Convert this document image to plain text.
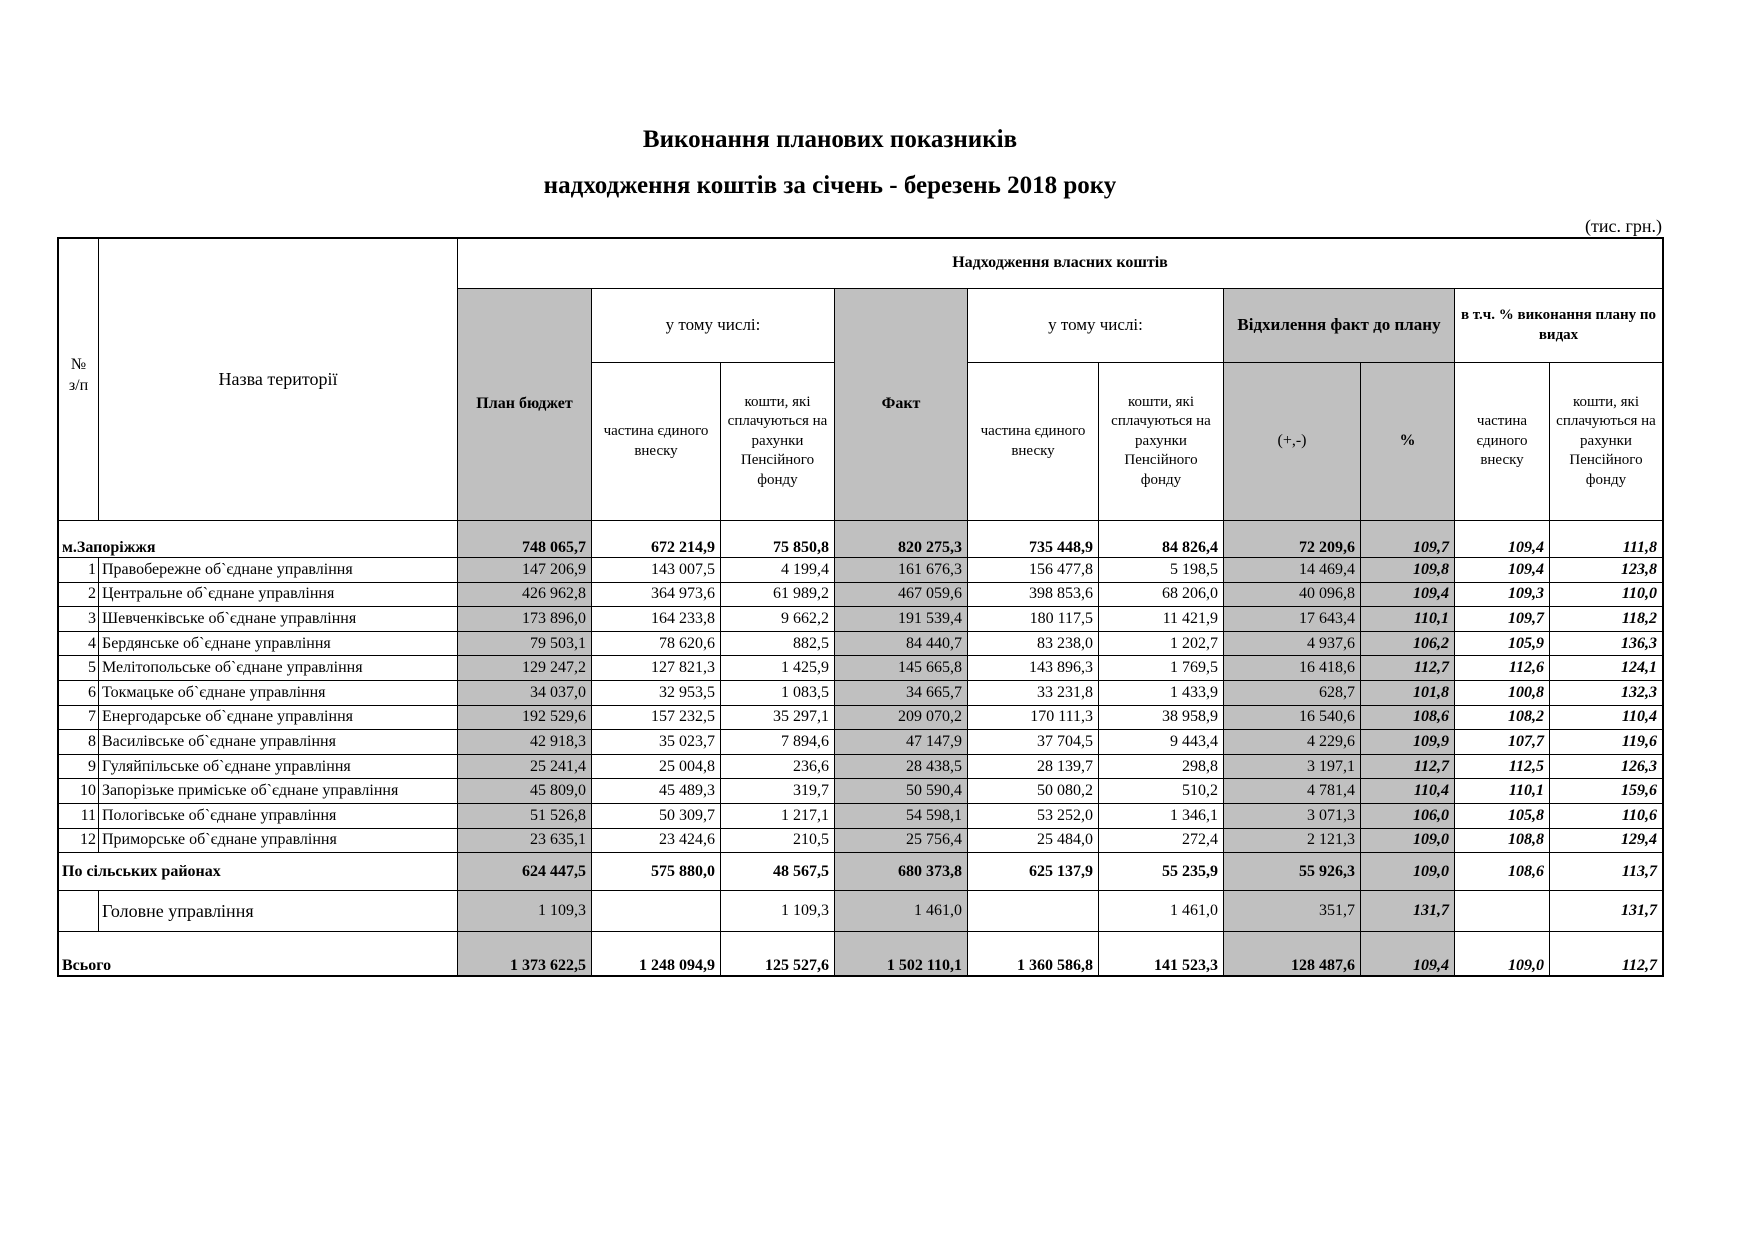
Виконання планових показників
надходження коштів за січень - березень 2018 року
(тис. грн.)
№ з/п	Назва території	Надходження власних коштів									
		План бюджет	у тому числі:		Факт	у тому числі:		Відхилення факт до плану		в т.ч. % виконання плану по видах	
			частина єдиного внеску	кошти, які сплачуються на рахунки Пенсійного фонду		частина єдиного внеску	кошти, які сплачуються на рахунки Пенсійного фонду	(+,-)	%	частина єдиного внеску	кошти, які сплачуються на рахунки Пенсійного фонду
м.Запоріжжя		748 065,7	672 214,9	75 850,8	820 275,3	735 448,9	84 826,4	72 209,6	109,7	109,4	111,8
1	Правобережне об`єднане управління	147 206,9	143 007,5	4 199,4	161 676,3	156 477,8	5 198,5	14 469,4	109,8	109,4	123,8
2	Центральне об`єднане управління	426 962,8	364 973,6	61 989,2	467 059,6	398 853,6	68 206,0	40 096,8	109,4	109,3	110,0
3	Шевченківське об`єднане управління	173 896,0	164 233,8	9 662,2	191 539,4	180 117,5	11 421,9	17 643,4	110,1	109,7	118,2
4	Бердянське об`єднане управління	79 503,1	78 620,6	882,5	84 440,7	83 238,0	1 202,7	4 937,6	106,2	105,9	136,3
5	Мелітопольське об`єднане управління	129 247,2	127 821,3	1 425,9	145 665,8	143 896,3	1 769,5	16 418,6	112,7	112,6	124,1
6	Токмацьке об`єднане управління	34 037,0	32 953,5	1 083,5	34 665,7	33 231,8	1 433,9	628,7	101,8	100,8	132,3
7	Енергодарське об`єднане управління	192 529,6	157 232,5	35 297,1	209 070,2	170 111,3	38 958,9	16 540,6	108,6	108,2	110,4
8	Василівське об`єднане управління	42 918,3	35 023,7	7 894,6	47 147,9	37 704,5	9 443,4	4 229,6	109,9	107,7	119,6
9	Гуляйпільське об`єднане управління	25 241,4	25 004,8	236,6	28 438,5	28 139,7	298,8	3 197,1	112,7	112,5	126,3
10	Запорізьке приміське об`єднане управління	45 809,0	45 489,3	319,7	50 590,4	50 080,2	510,2	4 781,4	110,4	110,1	159,6
11	Пологівське об`єднане управління	51 526,8	50 309,7	1 217,1	54 598,1	53 252,0	1 346,1	3 071,3	106,0	105,8	110,6
12	Приморське об`єднане управління	23 635,1	23 424,6	210,5	25 756,4	25 484,0	272,4	2 121,3	109,0	108,8	129,4
По сільських районах		624 447,5	575 880,0	48 567,5	680 373,8	625 137,9	55 235,9	55 926,3	109,0	108,6	113,7
	Головне управління	1 109,3		1 109,3	1 461,0		1 461,0	351,7	131,7		131,7
Всього		1 373 622,5	1 248 094,9	125 527,6	1 502 110,1	1 360 586,8	141 523,3	128 487,6	109,4	109,0	112,7
